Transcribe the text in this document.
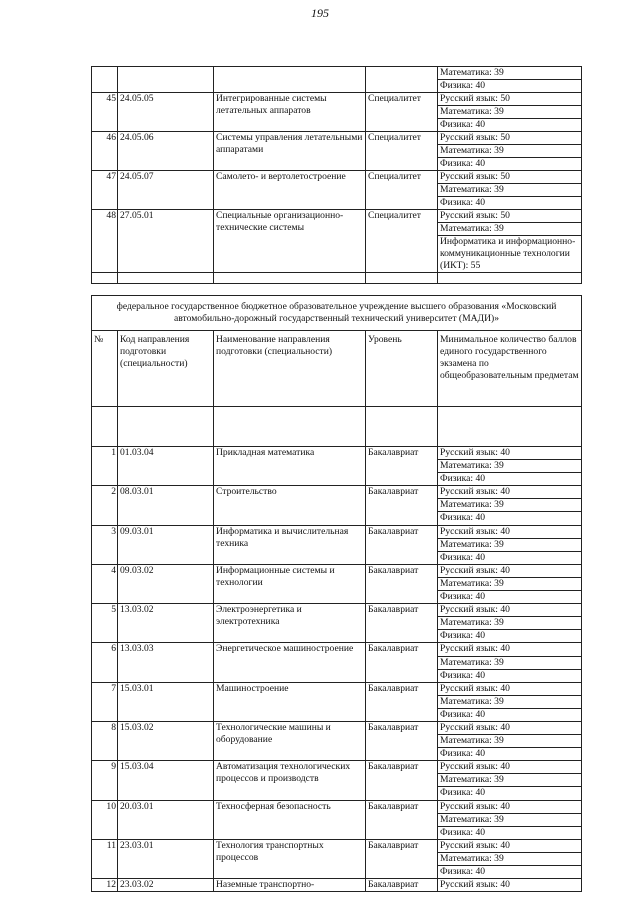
195
				Математика: 39
				Физика: 40
45	24.05.05	Интегрированные системы летательных аппаратов	Специалитет	Русский язык: 50
				Математика: 39
				Физика: 40
46	24.05.06	Системы управления летательными аппаратами	Специалитет	Русский язык: 50
				Математика: 39
				Физика: 40
47	24.05.07	Самолето- и вертолетостроение	Специалитет	Русский язык: 50
				Математика: 39
				Физика: 40
48	27.05.01	Специальные организационно-технические системы	Специалитет	Русский язык: 50
				Математика: 39
				Информатика и информационно-коммуникационные технологии (ИКТ): 55

федеральное государственное бюджетное образовательное учреждение высшего образования «Московский автомобильно-дорожный государственный технический университет (МАДИ)»				
№	Код направления подготовки (специальности)	Наименование направления подготовки (специальности)	Уровень	Минимальное количество баллов единого государственного экзамена по общеобразовательным предметам

1	01.03.04	Прикладная математика	Бакалавриат	Русский язык: 40
				Математика: 39
				Физика: 40
2	08.03.01	Строительство	Бакалавриат	Русский язык: 40
				Математика: 39
				Физика: 40
3	09.03.01	Информатика и вычислительная техника	Бакалавриат	Русский язык: 40
				Математика: 39
				Физика: 40
4	09.03.02	Информационные системы и технологии	Бакалавриат	Русский язык: 40
				Математика: 39
				Физика: 40
5	13.03.02	Электроэнергетика и электротехника	Бакалавриат	Русский язык: 40
				Математика: 39
				Физика: 40
6	13.03.03	Энергетическое машиностроение	Бакалавриат	Русский язык: 40
				Математика: 39
				Физика: 40
7	15.03.01	Машиностроение	Бакалавриат	Русский язык: 40
				Математика: 39
				Физика: 40
8	15.03.02	Технологические машины и оборудование	Бакалавриат	Русский язык: 40
				Математика: 39
				Физика: 40
9	15.03.04	Автоматизация технологических процессов и производств	Бакалавриат	Русский язык: 40
				Математика: 39
				Физика: 40
10	20.03.01	Техносферная безопасность	Бакалавриат	Русский язык: 40
				Математика: 39
				Физика: 40
11	23.03.01	Технология транспортных процессов	Бакалавриат	Русский язык: 40
				Математика: 39
				Физика: 40
12	23.03.02	Наземные транспортно-	Бакалавриат	Русский язык: 40
